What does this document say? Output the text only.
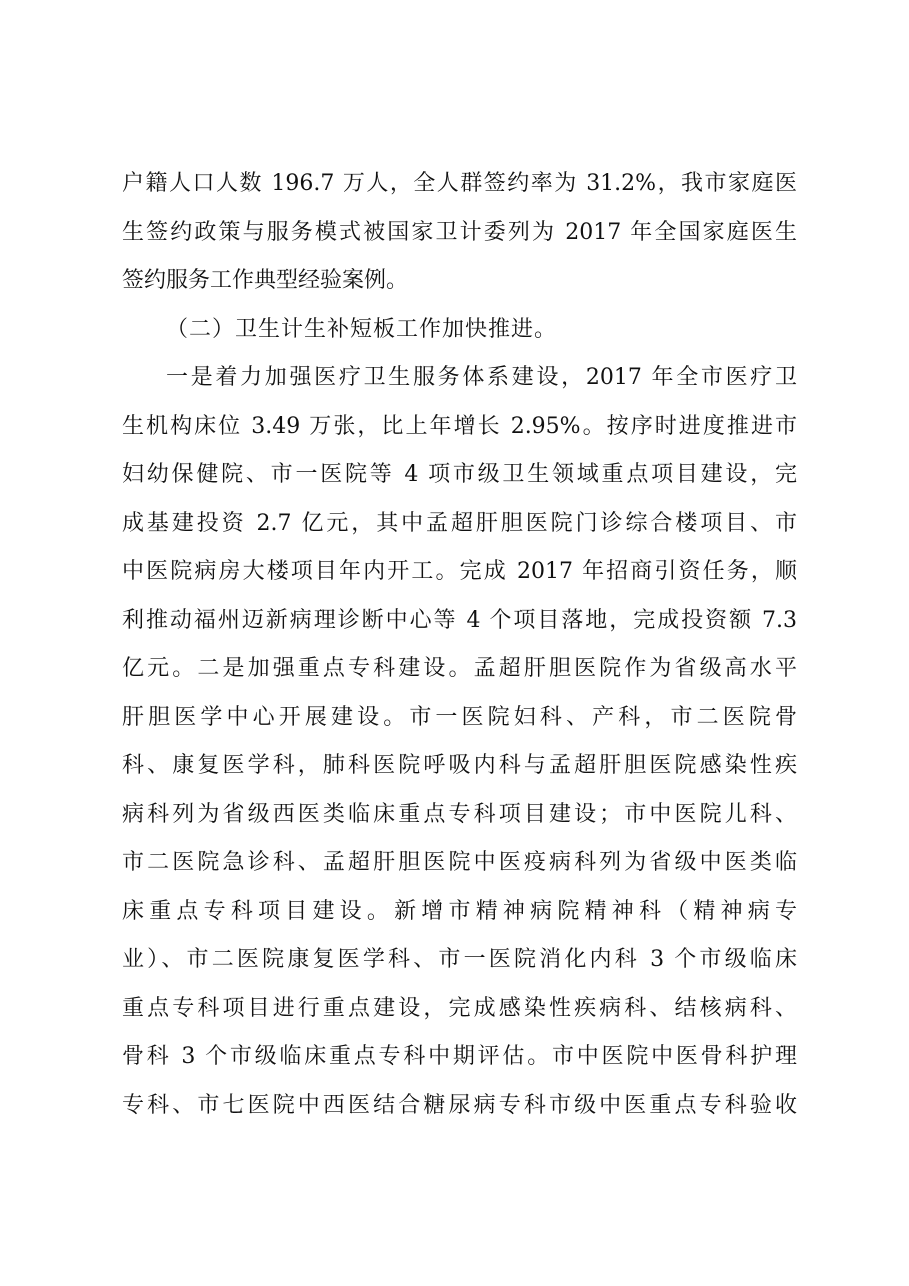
户籍人口人数 196.7 万人，全人群签约率为 31.2%，我市家庭医
生签约政策与服务模式被国家卫计委列为 2017 年全国家庭医生
签约服务工作典型经验案例。
（二）卫生计生补短板工作加快推进。
一是着力加强医疗卫生服务体系建设，2017 年全市医疗卫
生机构床位 3.49 万张，比上年增长 2.95%。按序时进度推进市
妇幼保健院、市一医院等 4 项市级卫生领域重点项目建设，完
成基建投资 2.7 亿元，其中孟超肝胆医院门诊综合楼项目、市
中医院病房大楼项目年内开工。完成 2017 年招商引资任务，顺
利推动福州迈新病理诊断中心等 4 个项目落地，完成投资额 7.3
亿元。二是加强重点专科建设。孟超肝胆医院作为省级高水平
肝胆医学中心开展建设。市一医院妇科、产科，市二医院骨
科、康复医学科，肺科医院呼吸内科与孟超肝胆医院感染性疾
病科列为省级西医类临床重点专科项目建设；市中医院儿科、
市二医院急诊科、孟超肝胆医院中医疫病科列为省级中医类临
床重点专科项目建设。新增市精神病院精神科（精神病专
业）、市二医院康复医学科、市一医院消化内科 3 个市级临床
重点专科项目进行重点建设，完成感染性疾病科、结核病科、
骨科 3 个市级临床重点专科中期评估。市中医院中医骨科护理
专科、市七医院中西医结合糖尿病专科市级中医重点专科验收
